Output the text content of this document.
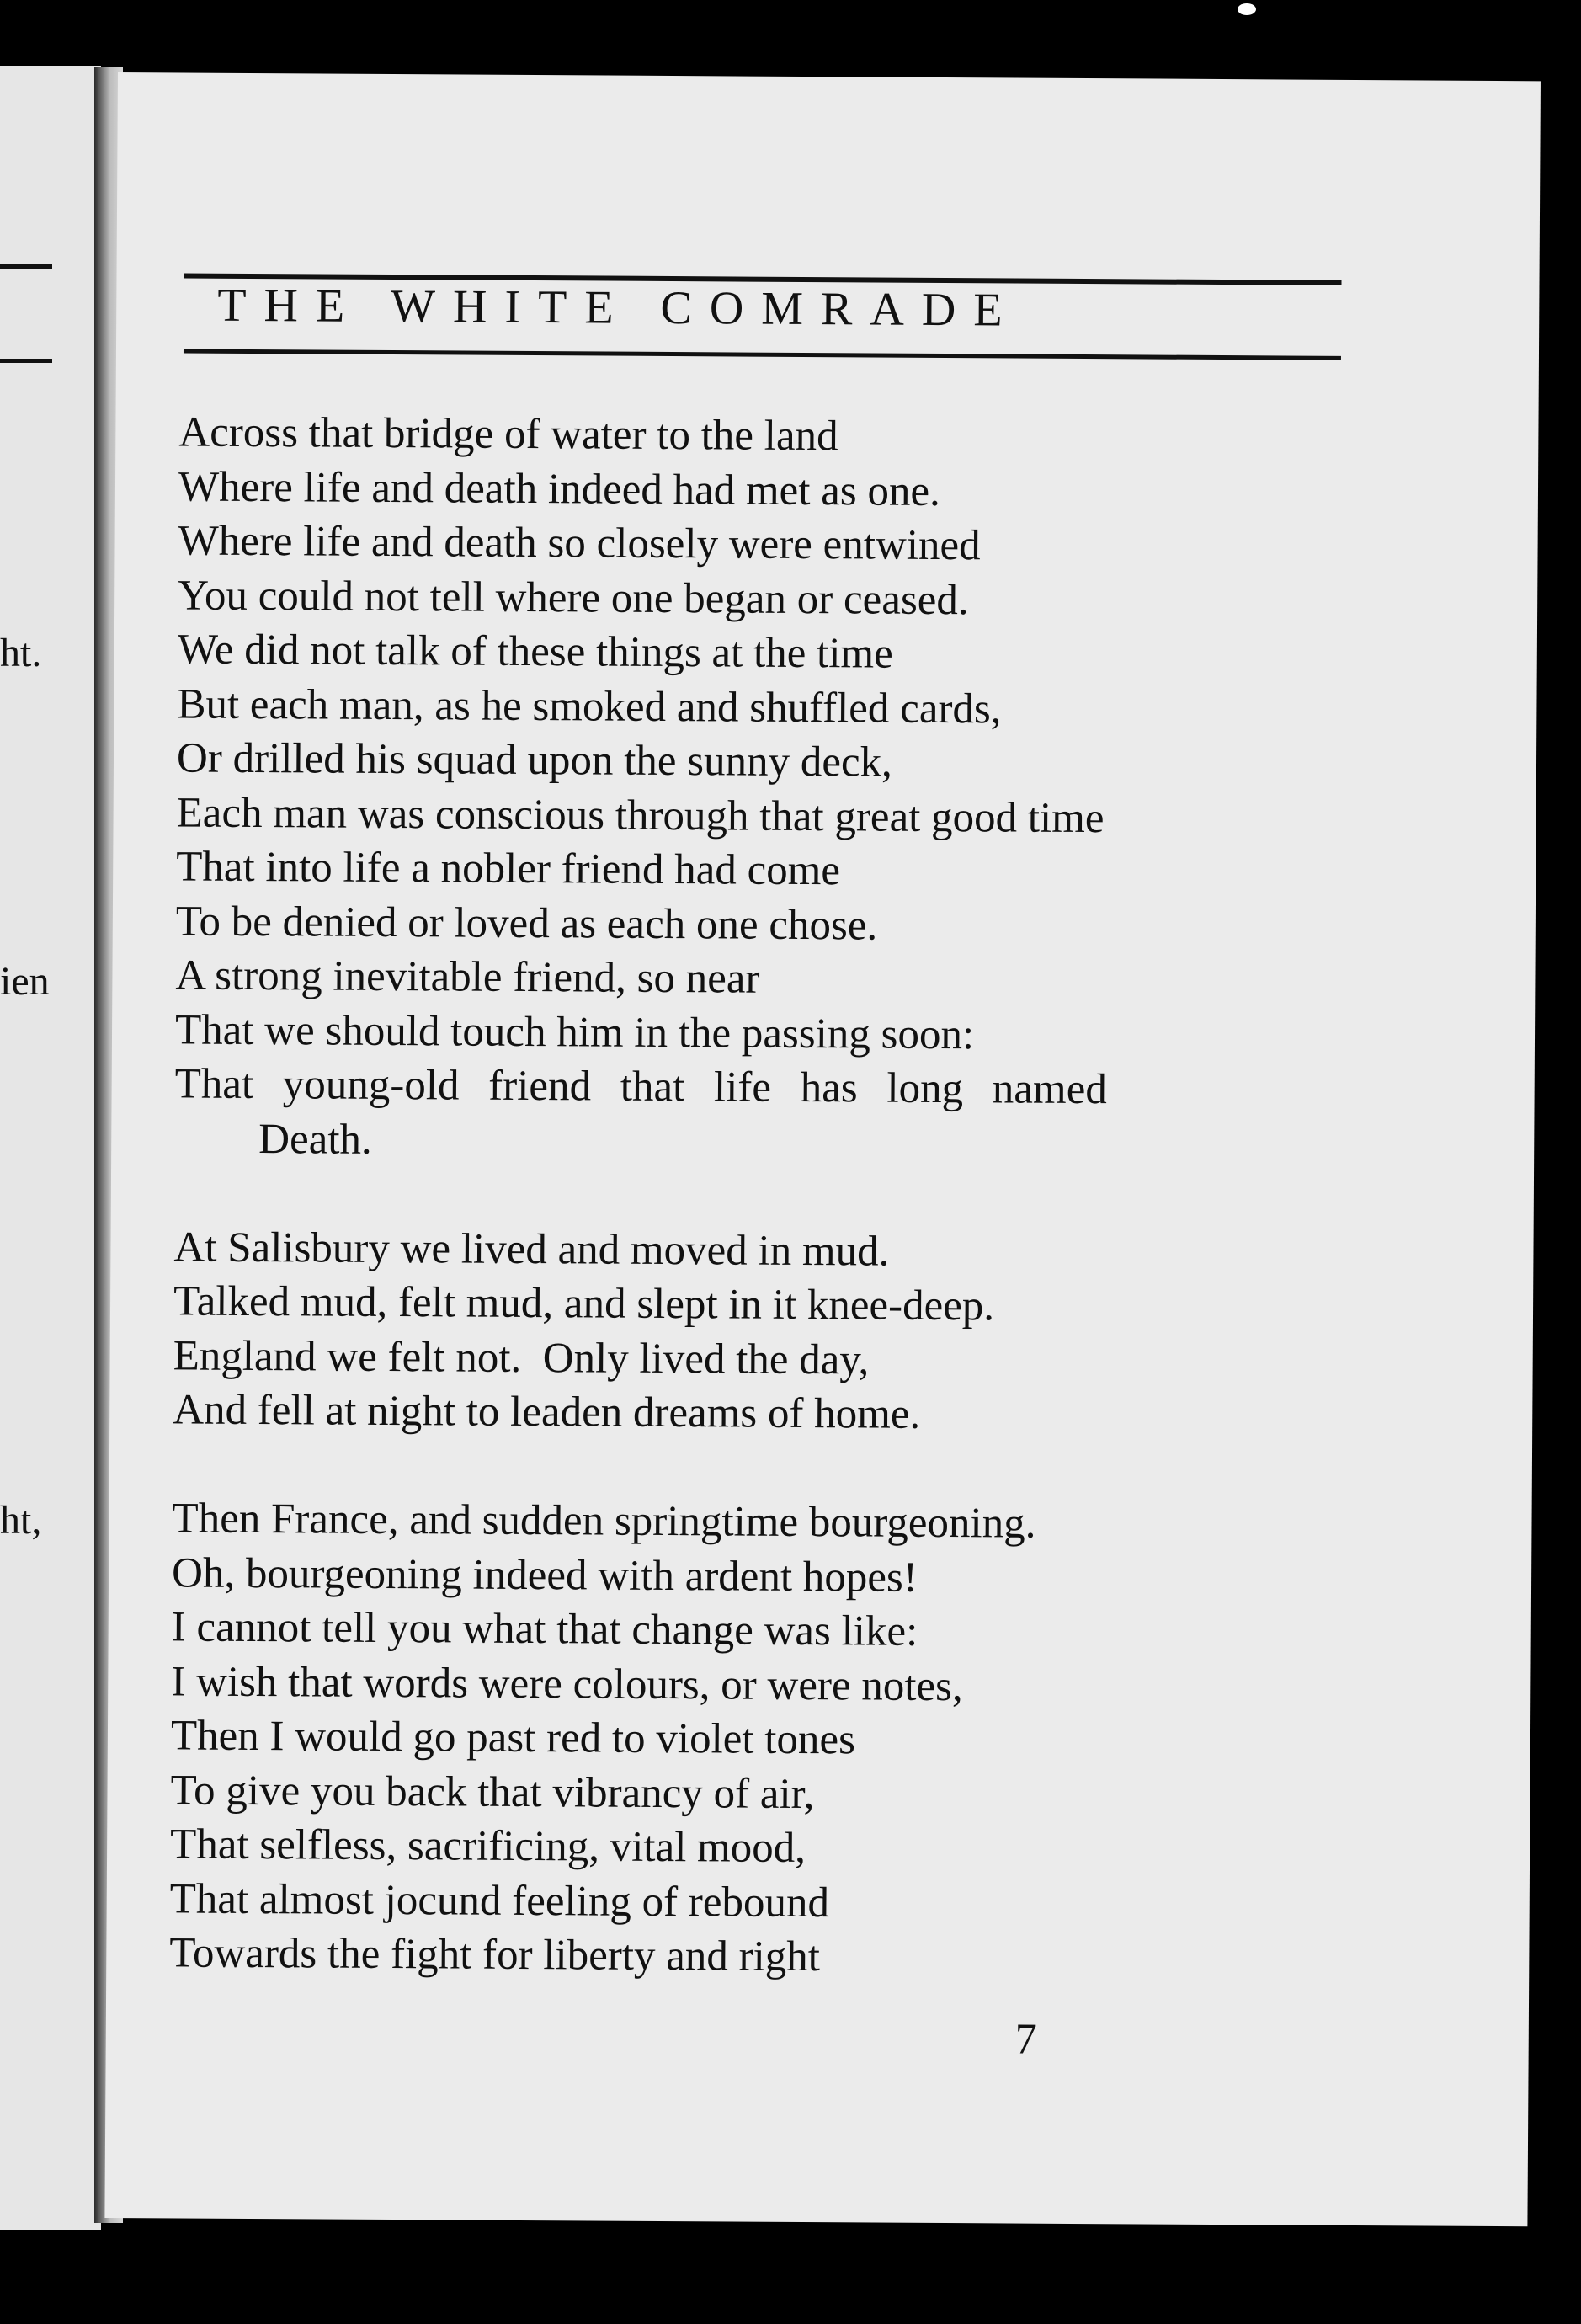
ht.
ien
ht,
THE WHITE COMRADE
Across that bridge of water to the land
Where life and death indeed had met as one.
Where life and death so closely were entwined
You could not tell where one began or ceased.
We did not talk of these things at the time
But each man, as he smoked and shuffled cards,
Or drilled his squad upon the sunny deck,
Each man was conscious through that great good time
That into life a nobler friend had come
To be denied or loved as each one chose.
A strong inevitable friend, so near
That we should touch him in the passing soon:
That young-old friend that life has long named
Death.
At Salisbury we lived and moved in mud.
Talked mud, felt mud, and slept in it knee-deep.
England we felt not.  Only lived the day,
And fell at night to leaden dreams of home.
Then France, and sudden springtime bourgeoning.
Oh, bourgeoning indeed with ardent hopes!
I cannot tell you what that change was like:
I wish that words were colours, or were notes,
Then I would go past red to violet tones
To give you back that vibrancy of air,
That selfless, sacrificing, vital mood,
That almost jocund feeling of rebound
Towards the fight for liberty and right
7
